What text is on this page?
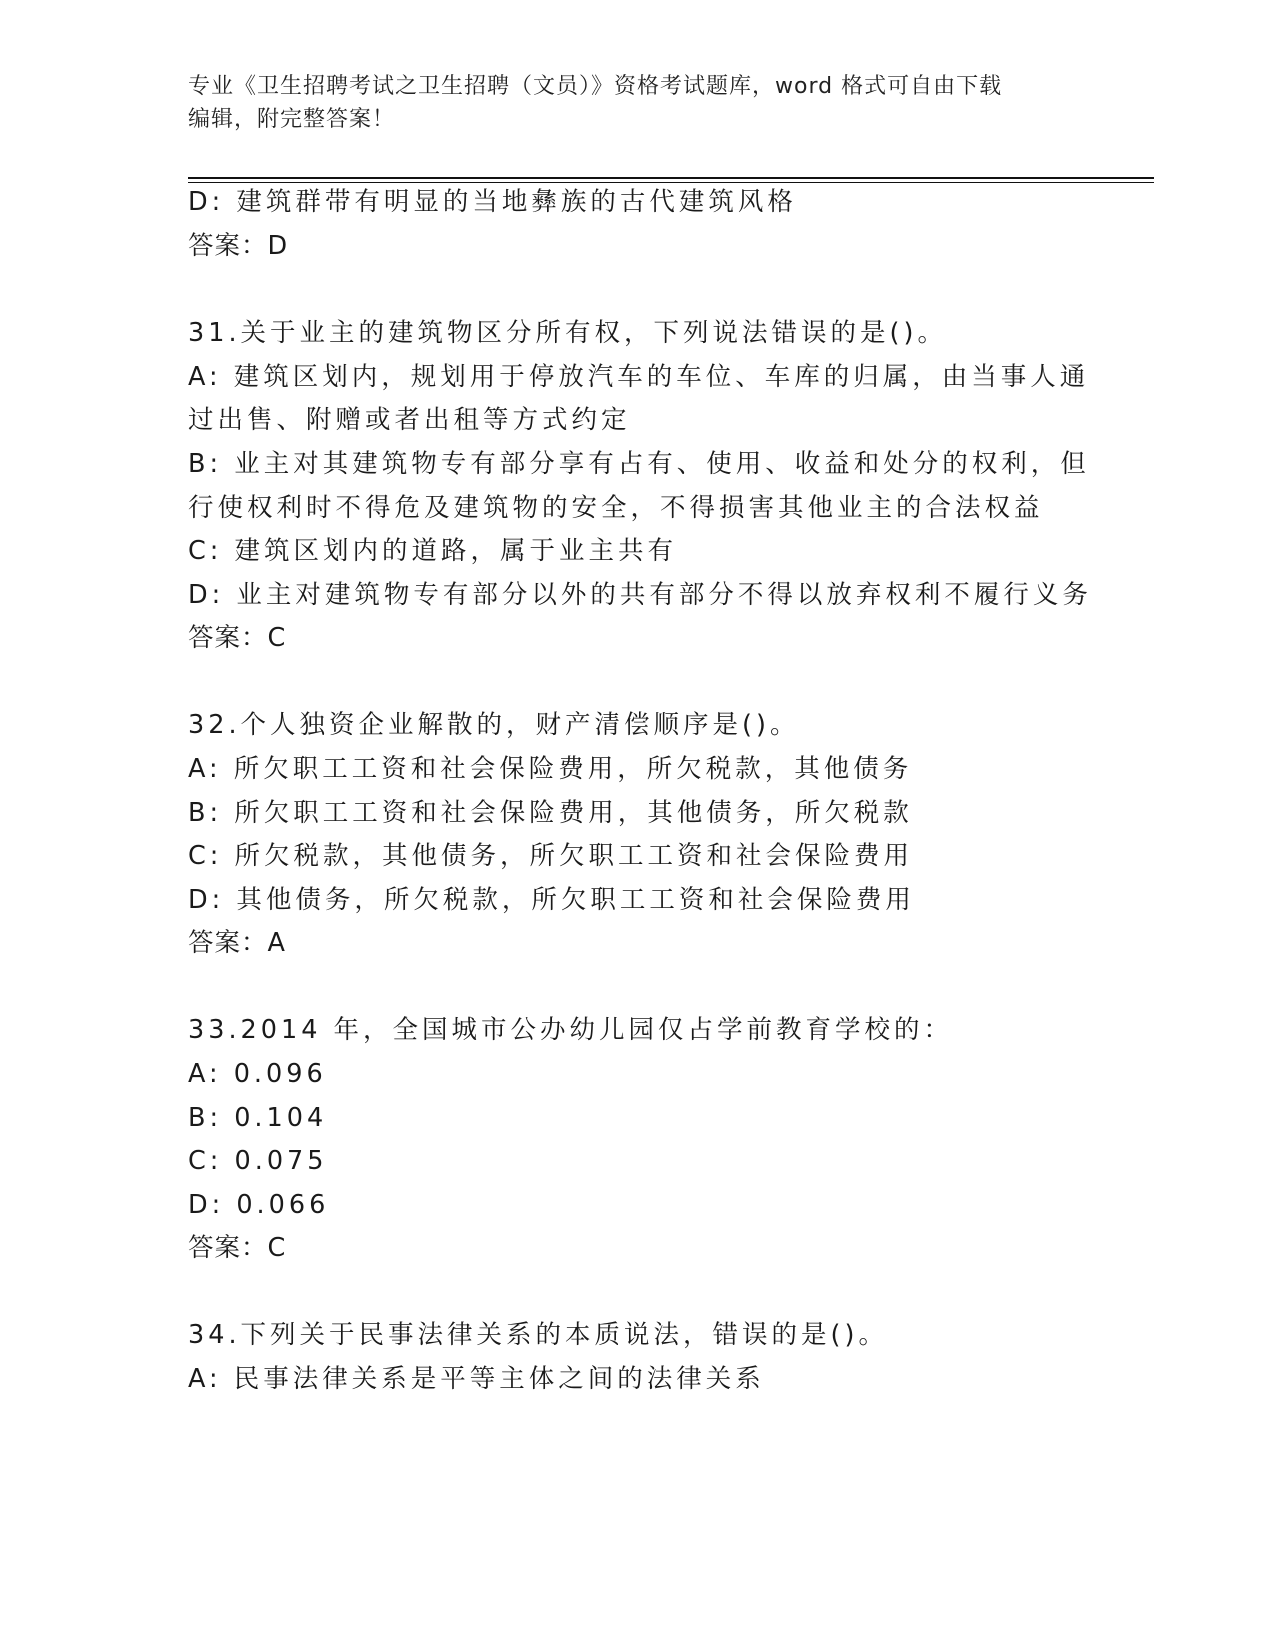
专业《卫生招聘考试之卫生招聘（文员）》资格考试题库，word 格式可自由下载
编辑，附完整答案！
D: 建筑群带有明显的当地彝族的古代建筑风格
答案：D
31.关于业主的建筑物区分所有权，下列说法错误的是()。
A: 建筑区划内，规划用于停放汽车的车位、车库的归属，由当事人通
过出售、附赠或者出租等方式约定
B: 业主对其建筑物专有部分享有占有、使用、收益和处分的权利，但
行使权利时不得危及建筑物的安全，不得损害其他业主的合法权益
C: 建筑区划内的道路，属于业主共有
D: 业主对建筑物专有部分以外的共有部分不得以放弃权利不履行义务
答案：C
32.个人独资企业解散的，财产清偿顺序是()。
A: 所欠职工工资和社会保险费用，所欠税款，其他债务
B: 所欠职工工资和社会保险费用，其他债务，所欠税款
C: 所欠税款，其他债务，所欠职工工资和社会保险费用
D: 其他债务，所欠税款，所欠职工工资和社会保险费用
答案：A
33.2014 年，全国城市公办幼儿园仅占学前教育学校的：
A: 0.096
B: 0.104
C: 0.075
D: 0.066
答案：C
34.下列关于民事法律关系的本质说法，错误的是()。
A: 民事法律关系是平等主体之间的法律关系
